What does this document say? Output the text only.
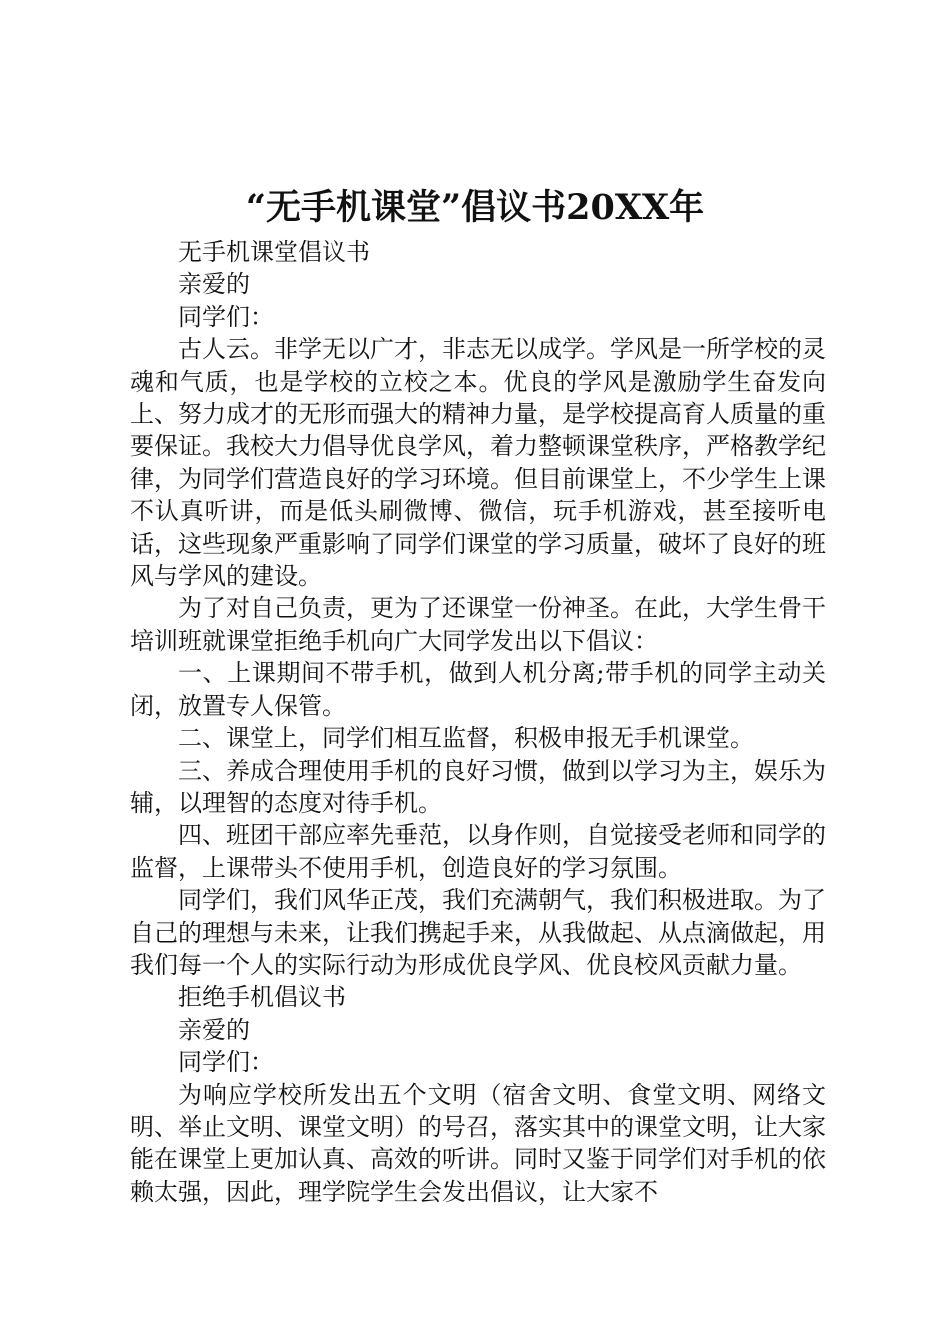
“无手机课堂”倡议书20XX年

无手机课堂倡议书

亲爱的

同学们：

古人云。非学无以广才，非志无以成学。学风是一所学校的灵魂和气质，也是学校的立校之本。优良的学风是激励学生奋发向上、努力成才的无形而强大的精神力量，是学校提高育人质量的重要保证。我校大力倡导优良学风，着力整顿课堂秩序，严格教学纪律，为同学们营造良好的学习环境。但目前课堂上，不少学生上课不认真听讲，而是低头刷微博、微信，玩手机游戏，甚至接听电话，这些现象严重影响了同学们课堂的学习质量，破坏了良好的班风与学风的建设。

为了对自己负责，更为了还课堂一份神圣。在此，大学生骨干培训班就课堂拒绝手机向广大同学发出以下倡议：

一、上课期间不带手机，做到人机分离;带手机的同学主动关闭，放置专人保管。

二、课堂上，同学们相互监督，积极申报无手机课堂。

三、养成合理使用手机的良好习惯，做到以学习为主，娱乐为辅，以理智的态度对待手机。

四、班团干部应率先垂范，以身作则，自觉接受老师和同学的监督，上课带头不使用手机，创造良好的学习氛围。

同学们，我们风华正茂，我们充满朝气，我们积极进取。为了自己的理想与未来，让我们携起手来，从我做起、从点滴做起，用我们每一个人的实际行动为形成优良学风、优良校风贡献力量。

拒绝手机倡议书

亲爱的

同学们：

为响应学校所发出五个文明（宿舍文明、食堂文明、网络文明、举止文明、课堂文明）的号召，落实其中的课堂文明，让大家能在课堂上更加认真、高效的听讲。同时又鉴于同学们对手机的依赖太强，因此，理学院学生会发出倡议，让大家不
